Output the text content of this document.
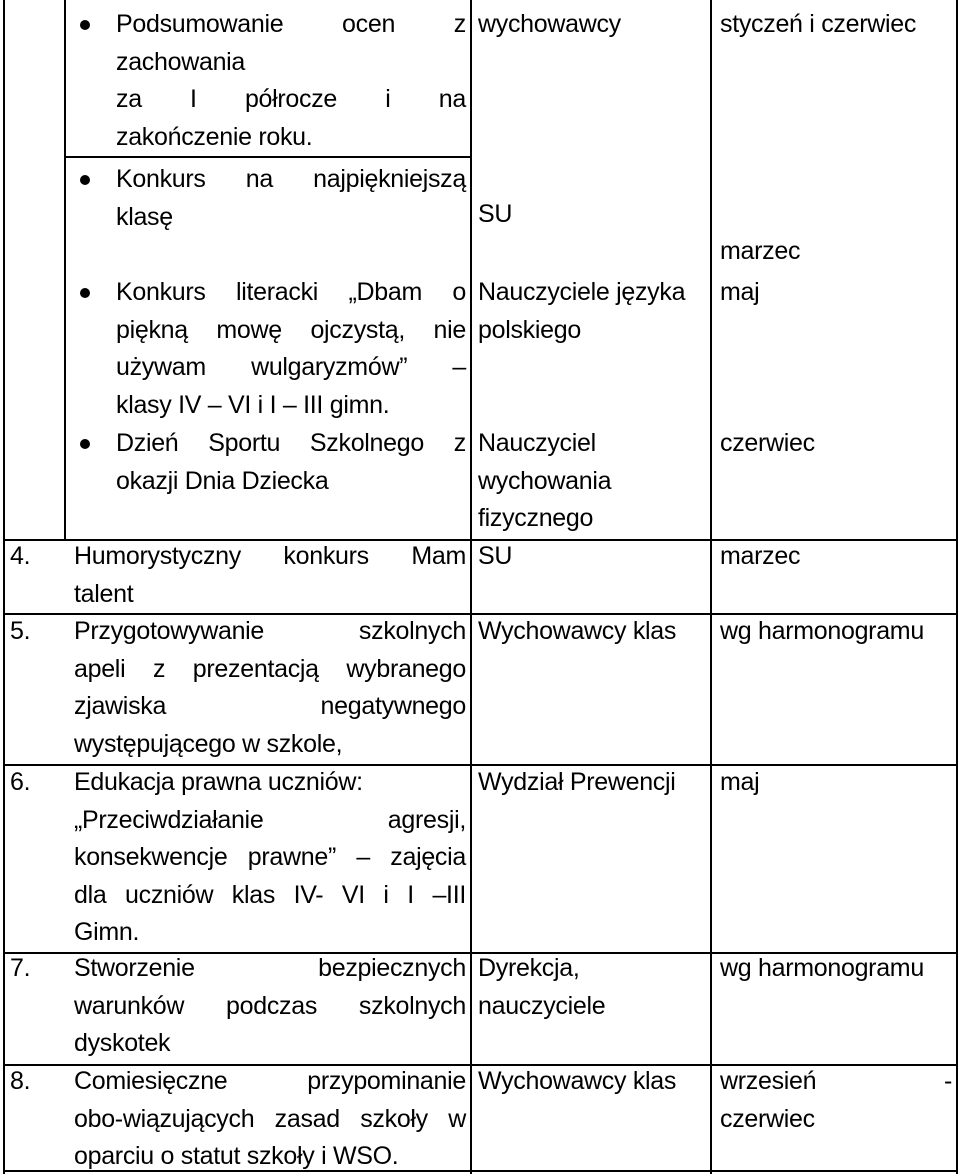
Podsumowanie ocen z
zachowania
za I półrocze i na
zakończenie roku.
Konkurs na najpiękniejszą
klasę
Konkurs literacki „Dbam o
piękną mowę ojczystą, nie
używam wulgaryzmów” –
klasy IV – VI i I – III gimn.
Dzień Sportu Szkolnego z
okazji Dnia Dziecka
4. Humorystyczny konkurs Mam
talent
5. Przygotowywanie szkolnych
apeli z prezentacją wybranego
zjawiska negatywnego
występującego w szkole,
6. Edukacja prawna uczniów:
„Przeciwdziałanie agresji,
konsekwencje prawne” – zajęcia
dla uczniów klas IV- VI i I –III
Gimn.
7. Stworzenie bezpiecznych
warunków podczas szkolnych
dyskotek
8. Comiesięczne przypominanie
obo-wiązujących zasad szkoły w
oparciu o statut szkoły i WSO.
wychowawcy
SU
Nauczyciele języka
polskiego
Nauczyciel
wychowania
fizycznego
SU
Wychowawcy klas
Wydział Prewencji
Dyrekcja,
nauczyciele
Wychowawcy klas
styczeń i czerwiec
marzec
maj
czerwiec
marzec
wg harmonogramu
maj
wg harmonogramu
wrzesień -
czerwiec
